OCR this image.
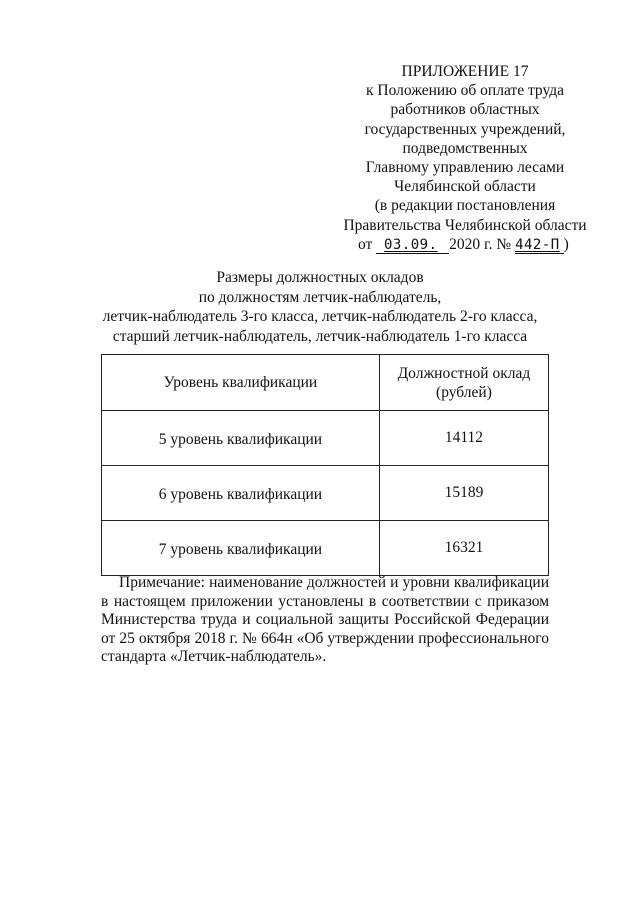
ПРИЛОЖЕНИЕ 17
к Положению об оплате труда
работников областных
государственных учреждений,
подведомственных
Главному управлению лесами
Челябинской области
(в редакции постановления
Правительства Челябинской области
от 03.09. 2020 г. № 442-П )
Размеры должностных окладов
по должностям летчик-наблюдатель,
летчик-наблюдатель 3-го класса, летчик-наблюдатель 2-го класса,
старший летчик-наблюдатель, летчик-наблюдатель 1-го класса
Уровень квалификации	Должностной оклад
(рублей)
5 уровень квалификации	14112
6 уровень квалификации	15189
7 уровень квалификации	16321
Примечание: наименование должностей и уровни квалификации в настоящем приложении установлены в соответствии с приказом Министерства труда и социальной защиты Российской Федерации от 25 октября 2018 г. № 664н «Об утверждении профессионального стандарта «Летчик-наблюдатель».
